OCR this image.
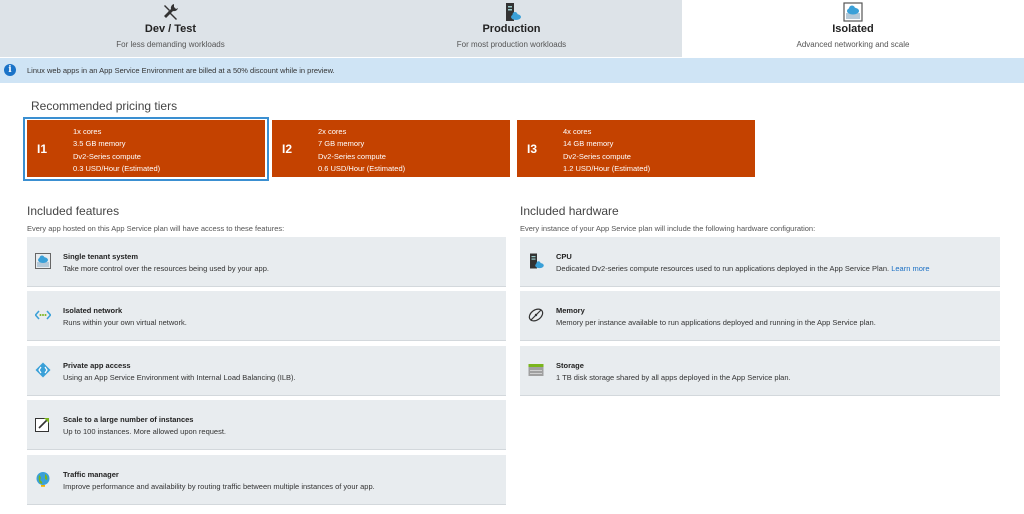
Dev / Test
For less demanding workloads
Production
For most production workloads
Isolated
Advanced networking and scale
i	Linux web apps in an App Service Environment are billed at a 50% discount while in preview.
Recommended pricing tiers
I1
1x cores
3.5 GB memory
Dv2-Series compute
0.3 USD/Hour (Estimated)
I2
2x cores
7 GB memory
Dv2-Series compute
0.6 USD/Hour (Estimated)
I3
4x cores
14 GB memory
Dv2-Series compute
1.2 USD/Hour (Estimated)
Included features
Every app hosted on this App Service plan will have access to these features:
Single tenant system
Take more control over the resources being used by your app.
Isolated network
Runs within your own virtual network.
Private app access
Using an App Service Environment with Internal Load Balancing (ILB).
Scale to a large number of instances
Up to 100 instances. More allowed upon request.
Traffic manager
Improve performance and availability by routing traffic between multiple instances of your app.
Included hardware
Every instance of your App Service plan will include the following hardware configuration:
CPU
Dedicated Dv2-series compute resources used to run applications deployed in the App Service Plan. Learn more
Memory
Memory per instance available to run applications deployed and running in the App Service plan.
Storage
1 TB disk storage shared by all apps deployed in the App Service plan.
